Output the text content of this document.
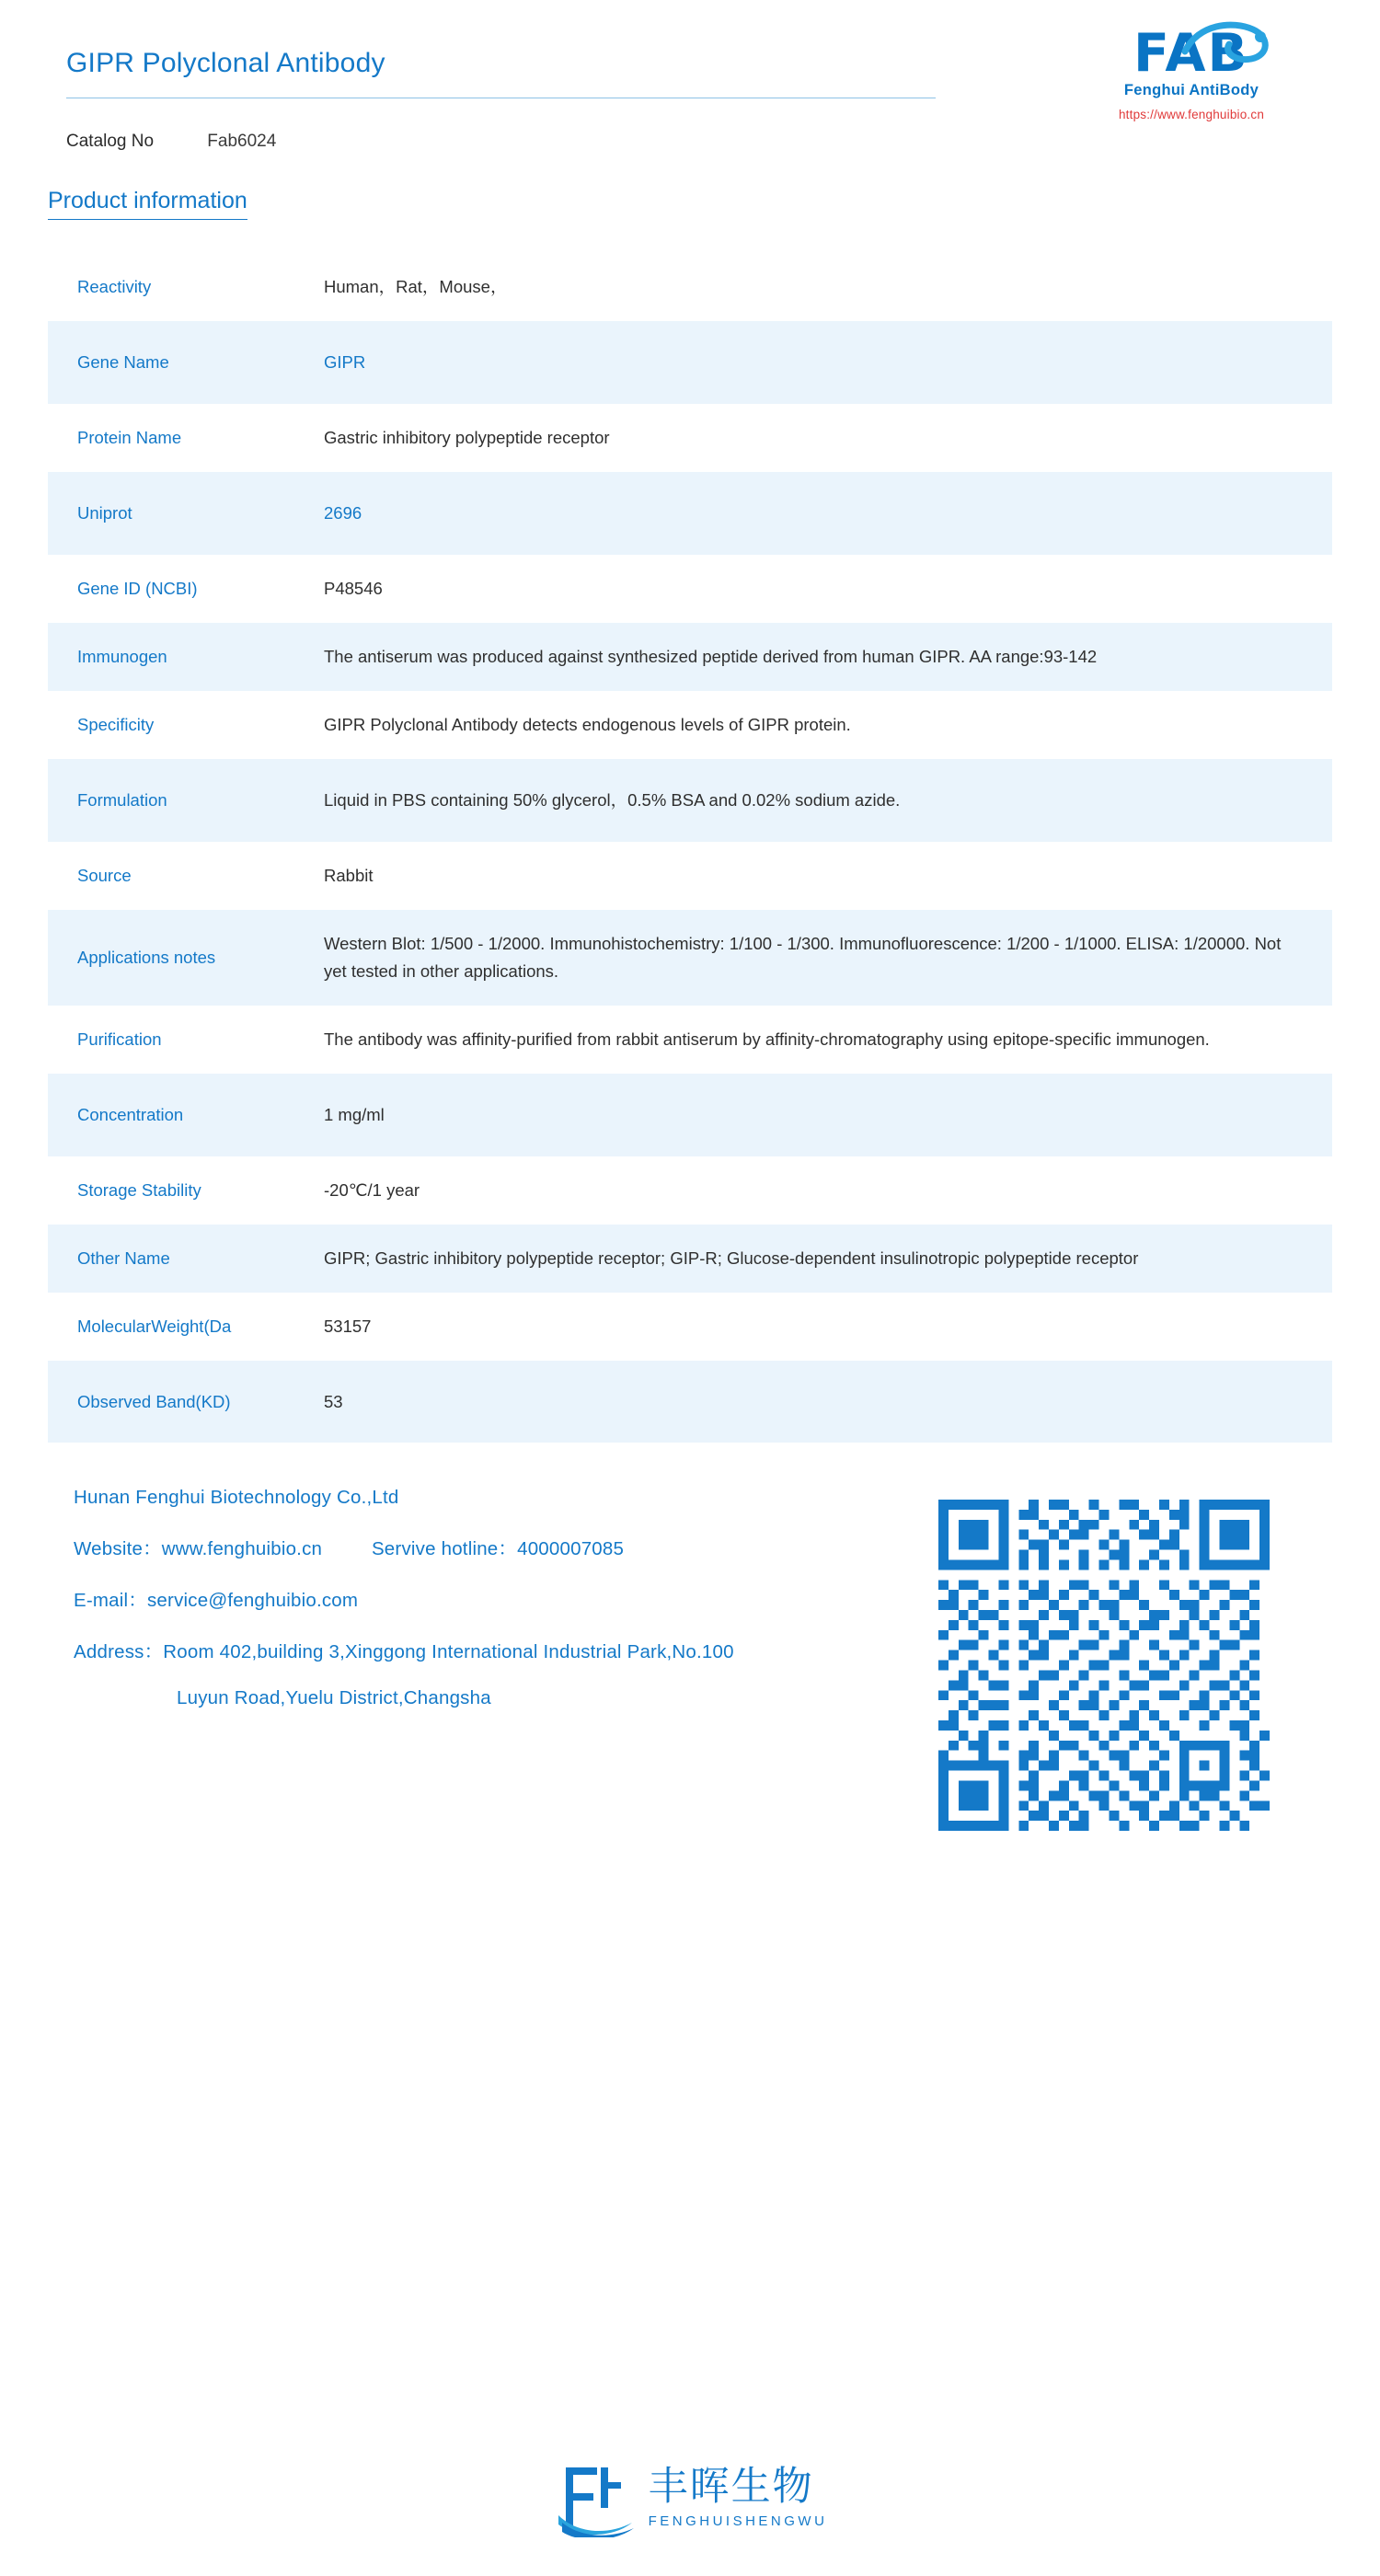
GIPR Polyclonal Antibody
Catalog No	Fab6024
FAB
Fenghui AntiBody
https://www.fenghuibio.cn
Product information
Reactivity	Human，Rat，Mouse，
Gene Name	GIPR
Protein Name	Gastric inhibitory polypeptide receptor
Uniprot	2696
Gene ID (NCBI)	P48546
Immunogen	The antiserum was produced against synthesized peptide derived from human GIPR. AA range:93-142
Specificity	GIPR Polyclonal Antibody detects endogenous levels of GIPR protein.
Formulation	Liquid in PBS containing 50% glycerol，0.5% BSA and 0.02% sodium azide.
Source	Rabbit
Applications notes	Western Blot: 1/500 - 1/2000. Immunohistochemistry: 1/100 - 1/300. Immunofluorescence: 1/200 - 1/1000. ELISA: 1/20000. Not yet tested in other applications.
Purification	The antibody was affinity-purified from rabbit antiserum by affinity-chromatography using epitope-specific immunogen.
Concentration	1 mg/ml
Storage Stability	-20℃/1 year
Other Name	GIPR; Gastric inhibitory polypeptide receptor; GIP-R; Glucose-dependent insulinotropic polypeptide receptor
MolecularWeight(Da	53157
Observed Band(KD)	53
Hunan Fenghui Biotechnology Co.,Ltd
Website：www.fenghuibio.cn	Servive hotline：4000007085
E-mail：service@fenghuibio.com
Address：Room 402,building 3,Xinggong International Industrial Park,No.100
Luyun Road,Yuelu District,Changsha
丰晖生物
FENGHUISHENGWU
